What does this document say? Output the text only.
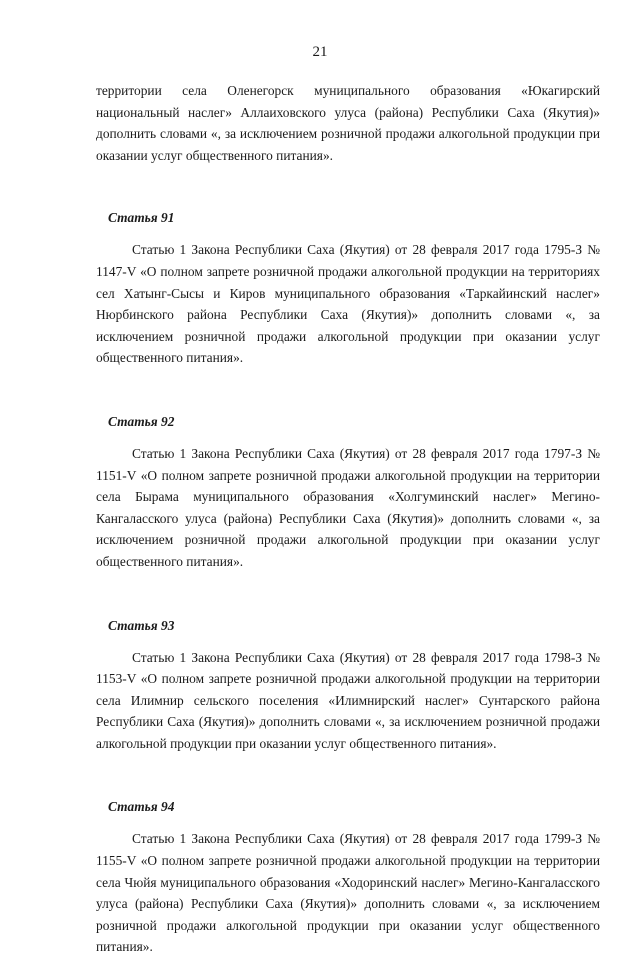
21

территории села Оленегорск муниципального образования «Юкагирский национальный наслег» Аллаиховского улуса (района) Республики Саха (Якутия)» дополнить словами «, за исключением розничной продажи алкогольной продукции при оказании услуг общественного питания».

Статья 91

Статью 1 Закона Республики Саха (Якутия) от 28 февраля 2017 года 1795-З № 1147-V «О полном запрете розничной продажи алкогольной продукции на территориях сел Хатынг-Сысы и Киров муниципального образования «Таркайинский наслег» Нюрбинского района Республики Саха (Якутия)» дополнить словами «, за исключением розничной продажи алкогольной продукции при оказании услуг общественного питания».

Статья 92

Статью 1 Закона Республики Саха (Якутия) от 28 февраля 2017 года 1797-З № 1151-V «О полном запрете розничной продажи алкогольной продукции на территории села Бырама муниципального образования «Холгуминский наслег» Мегино-Кангаласского улуса (района) Республики Саха (Якутия)» дополнить словами «, за исключением розничной продажи алкогольной продукции при оказании услуг общественного питания».

Статья 93

Статью 1 Закона Республики Саха (Якутия) от 28 февраля 2017 года 1798-З № 1153-V «О полном запрете розничной продажи алкогольной продукции на территории села Илимнир сельского поселения «Илимнирский наслег» Сунтарского района Республики Саха (Якутия)» дополнить словами «, за исключением розничной продажи алкогольной продукции при оказании услуг общественного питания».

Статья 94

Статью 1 Закона Республики Саха (Якутия) от 28 февраля 2017 года 1799-З № 1155-V «О полном запрете розничной продажи алкогольной продукции на территории села Чюйя муниципального образования «Ходоринский наслег» Мегино-Кангаласского улуса (района) Республики Саха (Якутия)» дополнить словами «, за исключением розничной продажи алкогольной продукции при оказании услуг общественного питания».
